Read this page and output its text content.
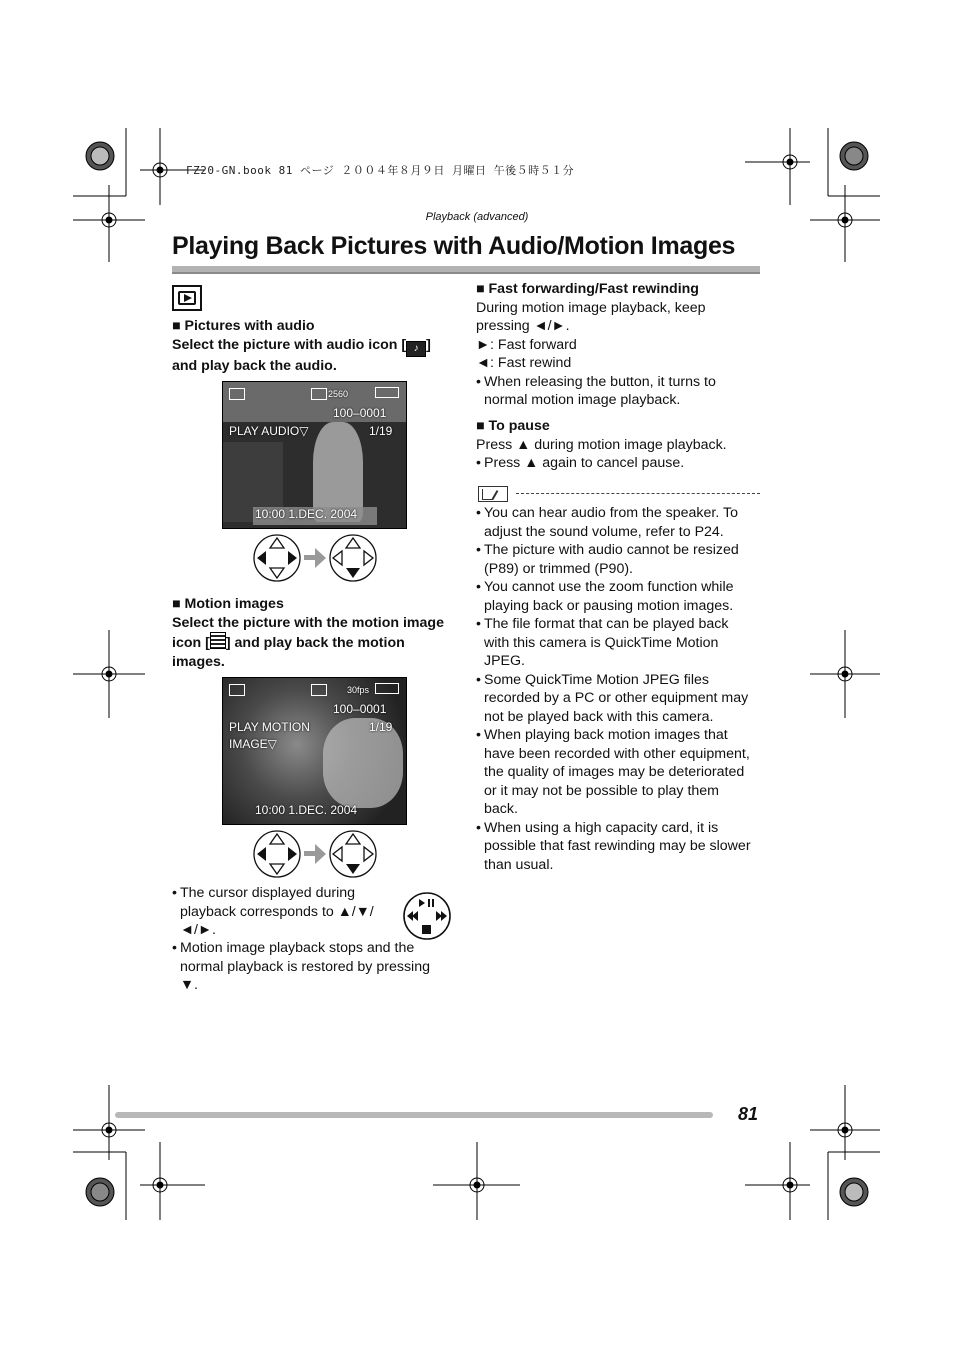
FZ20-GN.book 81 ページ ２００４年８月９日 月曜日 午後５時５１分
Playback (advanced)
Playing Back Pictures with Audio/Motion Images

■ Pictures with audio

Select the picture with audio icon [ ♪ ]

and play back the audio.

2560
100–0001
PLAY AUDIO▽	1/19
10:00 1.DEC. 2004

■ Motion images

Select the picture with the motion image

icon [ ] and play back the motion

images.

30fps
100–0001
PLAY MOTION
IMAGE▽
1/19
10:00 1.DEC. 2004

• The cursor displayed during

playback corresponds to ▲/▼/

◄/►.

• Motion image playback stops and the

normal playback is restored by pressing

▼.

■ Fast forwarding/Fast rewinding

During motion image playback, keep

pressing ◄/►.

►: Fast forward

◄: Fast rewind

• When releasing the button, it turns to

normal motion image playback.

■ To pause

Press ▲ during motion image playback.

• Press ▲ again to cancel pause.

• You can hear audio from the speaker. To

adjust the sound volume, refer to P24.

• The picture with audio cannot be resized

(P89) or trimmed (P90).

• You cannot use the zoom function while

playing back or pausing motion images.

• The file format that can be played back

with this camera is QuickTime Motion

JPEG.

• Some QuickTime Motion JPEG files

recorded by a PC or other equipment may

not be played back with this camera.

• When playing back motion images that

have been recorded with other equipment,

the quality of images may be deteriorated

or it may not be possible to play them

back.

• When using a high capacity card, it is

possible that fast rewinding may be slower

than usual.

81
